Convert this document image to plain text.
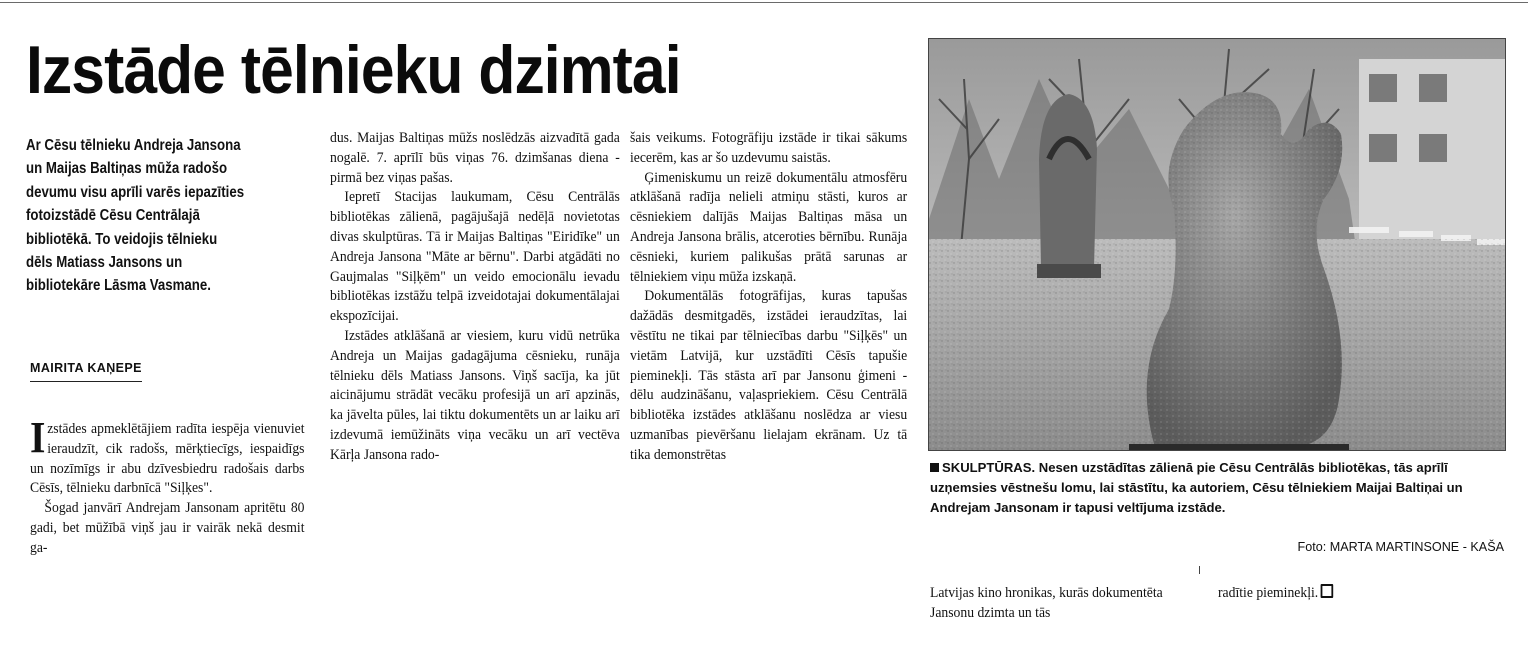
Izstāde tēlnieku dzimtai

Ar Cēsu tēlnieku Andreja Jansona

un Maijas Baltiņas mūža radošo

devumu visu aprīli varēs iepazīties

fotoizstādē Cēsu Centrālajā

bibliotēkā. To veidojis tēlnieku

dēls Matiass Jansons un

bibliotekāre Lāsma Vasmane.

MAIRITA KAŅEPE

Izstādes apmeklētājiem radīta iespēja vienuviet ieraudzīt, cik radošs, mērķtiecīgs, iespaidīgs un nozīmīgs ir abu dzīvesbiedru radošais darbs Cēsīs, tēlnieku darbnīcā "Siļķes".

Šogad janvārī Andrejam Jansonam apritētu 80 gadi, bet mūžībā viņš jau ir vairāk nekā desmit ga-

dus. Maijas Baltiņas mūžs noslēdzās aizvadītā gada nogalē. 7. aprīlī būs viņas 76. dzimšanas diena - pirmā bez viņas pašas.

Iepretī Stacijas laukumam, Cēsu Centrālās bibliotēkas zālienā, pagājušajā nedēļā novietotas divas skulptūras. Tā ir Maijas Baltiņas "Eiridīke" un Andreja Jansona "Māte ar bērnu". Darbi atgādāti no Gaujmalas "Siļķēm" un veido emocionālu ievadu bibliotēkas izstāžu telpā izveidotajai dokumentālajai ekspozīcijai.

Izstādes atklāšanā ar viesiem, kuru vidū netrūka Andreja un Maijas gadagājuma cēsnieku, runāja tēlnieku dēls Matiass Jansons. Viņš sacīja, ka jūt aicinājumu strādāt vecāku profesijā un arī apzinās, ka jāvelta pūles, lai tiktu dokumentēts un ar laiku arī izdevumā iemūžināts viņa vecāku un arī vectēva Kārļa Jansona rado-

šais veikums. Fotogrāfiju izstāde ir tikai sākums iecerēm, kas ar šo uzdevumu saistās.

Ģimeniskumu un reizē dokumentālu atmosfēru atklāšanā radīja nelieli atmiņu stāsti, kuros ar cēsniekiem dalījās Maijas Baltiņas māsa un Andreja Jansona brālis, atceroties bērnību. Runāja cēsnieki, kuriem palikušas prātā sarunas ar tēlniekiem viņu mūža izskaņā.

Dokumentālās fotogrāfijas, kuras tapušas dažādās desmitgadēs, izstādei ieraudzītas, lai vēstītu ne tikai par tēlniecības darbu "Siļķēs" un vietām Latvijā, kur uzstādīti Cēsīs tapušie pieminekļi. Tās stāsta arī par Jansonu ģimeni - dēlu audzināšanu, vaļaspriekiem. Cēsu Centrālā bibliotēka izstādes atklāšanu noslēdza ar viesu uzmanības pievēršanu lielajam ekrānam. Uz tā tika demonstrētas

SKULPTŪRAS. Nesen uzstādītas zālienā pie Cēsu Centrālās bibliotēkas, tās aprīlī uzņemsies vēstnešu lomu, lai stāstītu, ka autoriem, Cēsu tēlniekiem Maijai Baltiņai un Andrejam Jansonam ir tapusi veltījuma izstāde.

Foto: MARTA MARTINSONE - KAŠA
Latvijas kino hronikas, kurās dokumentēta Jansonu dzimta un tās
radītie pieminekļi.
